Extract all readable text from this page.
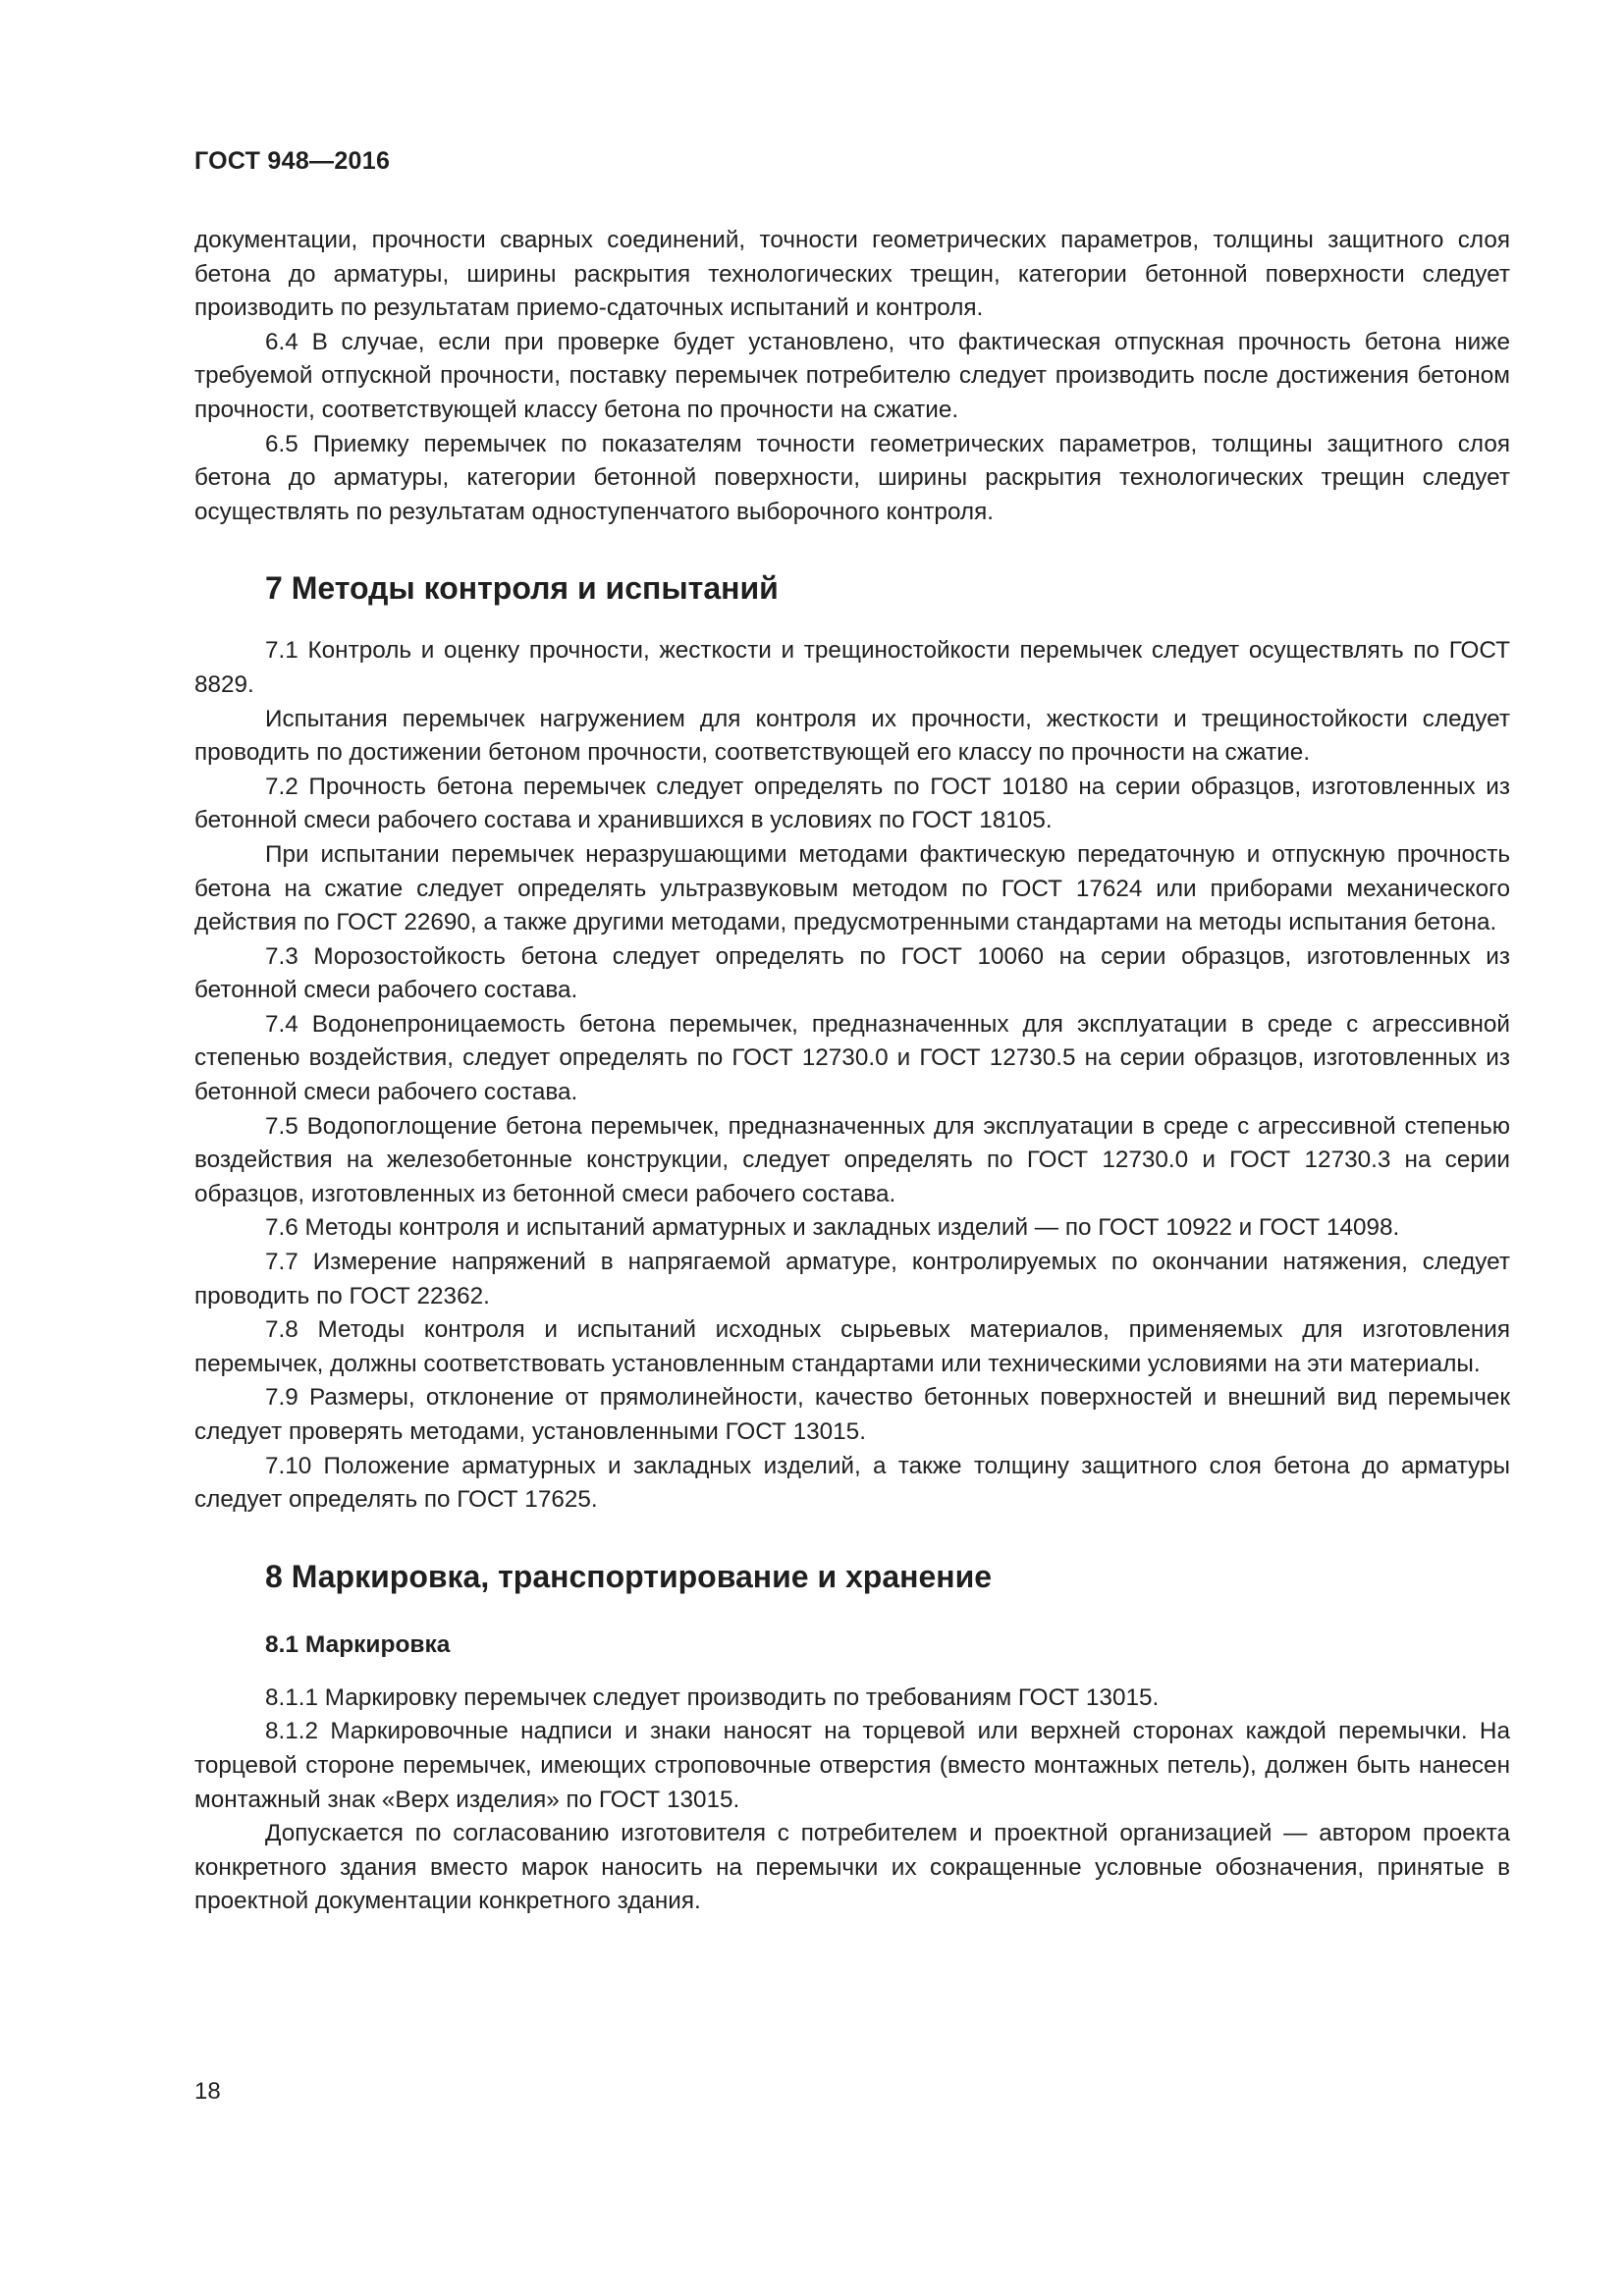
ГОСТ 948—2016

документации, прочности сварных соединений, точности геометрических параметров, толщины защитного слоя бетона до арматуры, ширины раскрытия технологических трещин, категории бетонной поверхности следует производить по результатам приемо-сдаточных испытаний и контроля.

6.4 В случае, если при проверке будет установлено, что фактическая отпускная прочность бетона ниже требуемой отпускной прочности, поставку перемычек потребителю следует производить после достижения бетоном прочности, соответствующей классу бетона по прочности на сжатие.

6.5 Приемку перемычек по показателям точности геометрических параметров, толщины защитного слоя бетона до арматуры, категории бетонной поверхности, ширины раскрытия технологических трещин следует осуществлять по результатам одноступенчатого выборочного контроля.

7 Методы контроля и испытаний

7.1 Контроль и оценку прочности, жесткости и трещиностойкости перемычек следует осуществлять по ГОСТ 8829.

Испытания перемычек нагружением для контроля их прочности, жесткости и трещиностойкости следует проводить по достижении бетоном прочности, соответствующей его классу по прочности на сжатие.

7.2 Прочность бетона перемычек следует определять по ГОСТ 10180 на серии образцов, изготовленных из бетонной смеси рабочего состава и хранившихся в условиях по ГОСТ 18105.

При испытании перемычек неразрушающими методами фактическую передаточную и отпускную прочность бетона на сжатие следует определять ультразвуковым методом по ГОСТ 17624 или приборами механического действия по ГОСТ 22690, а также другими методами, предусмотренными стандартами на методы испытания бетона.

7.3 Морозостойкость бетона следует определять по ГОСТ 10060 на серии образцов, изготовленных из бетонной смеси рабочего состава.

7.4 Водонепроницаемость бетона перемычек, предназначенных для эксплуатации в среде с агрессивной степенью воздействия, следует определять по ГОСТ 12730.0 и ГОСТ 12730.5 на серии образцов, изготовленных из бетонной смеси рабочего состава.

7.5 Водопоглощение бетона перемычек, предназначенных для эксплуатации в среде с агрессивной степенью воздействия на железобетонные конструкции, следует определять по ГОСТ 12730.0 и ГОСТ 12730.3 на серии образцов, изготовленных из бетонной смеси рабочего состава.

7.6 Методы контроля и испытаний арматурных и закладных изделий — по ГОСТ 10922 и ГОСТ 14098.

7.7 Измерение напряжений в напрягаемой арматуре, контролируемых по окончании натяжения, следует проводить по ГОСТ 22362.

7.8 Методы контроля и испытаний исходных сырьевых материалов, применяемых для изготовления перемычек, должны соответствовать установленным стандартами или техническими условиями на эти материалы.

7.9 Размеры, отклонение от прямолинейности, качество бетонных поверхностей и внешний вид перемычек следует проверять методами, установленными ГОСТ 13015.

7.10 Положение арматурных и закладных изделий, а также толщину защитного слоя бетона до арматуры следует определять по ГОСТ 17625.

8 Маркировка, транспортирование и хранение
8.1 Маркировка

8.1.1 Маркировку перемычек следует производить по требованиям ГОСТ 13015.

8.1.2 Маркировочные надписи и знаки наносят на торцевой или верхней сторонах каждой перемычки. На торцевой стороне перемычек, имеющих строповочные отверстия (вместо монтажных петель), должен быть нанесен монтажный знак «Верх изделия» по ГОСТ 13015.

Допускается по согласованию изготовителя с потребителем и проектной организацией — автором проекта конкретного здания вместо марок наносить на перемычки их сокращенные условные обозначения, принятые в проектной документации конкретного здания.

18
